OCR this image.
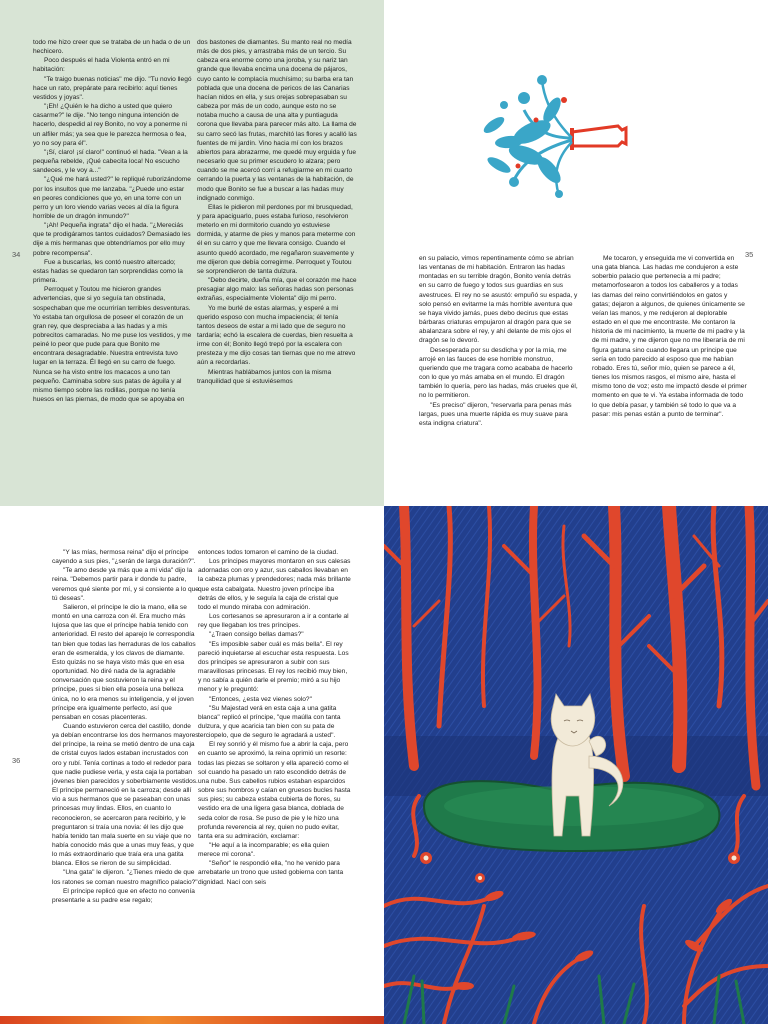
todo me hizo creer que se trataba de un hada o de un hechicero.

Poco después el hada Violenta entró en mi habitación:

"Te traigo buenas noticias" me dijo. "Tu novio llegó hace un rato, prepárate para recibirlo: aquí tienes vestidos y joyas".

"¡Eh! ¿Quién le ha dicho a usted que quiero casarme?" le dije. "No tengo ninguna intención de hacerlo, despedid al rey Bonito, no voy a ponerme ni un alfiler más; ya sea que le parezca hermosa o fea, yo no soy para él".

"¡Sí, claro! ¡sí claro!" continuó el hada. "Vean a la pequeña rebelde, ¡Qué cabecita loca! No escucho sandeces, y le voy a..."

"¿Qué me hará usted?" le repliqué ruborizándome por los insultos que me lanzaba. "¿Puede uno estar en peores condiciones que yo, en una torre con un perro y un loro viendo varias veces al día la figura horrible de un dragón inmundo?"

"¡Ah! Pequeña ingrata" dijo el hada. "¿Mereciás que te prodigáramos tantos cuidados? Demasiado les dije a mis hermanas que obtendríamos por ello muy pobre recompensa".

Fue a buscarlas, les contó nuestro altercado; estas hadas se quedaron tan sorprendidas como la primera.

Perroquet y Toutou me hicieron grandes advertencias, que si yo seguía tan obstinada, sospechaban que me ocurrirían terribles desventuras. Yo estaba tan orgullosa de poseer el corazón de un gran rey, que despreciaba a las hadas y a mis pobrecitos camaradas. No me puse los vestidos, y me peiné lo peor que pude para que Bonito me encontrara desagradable. Nuestra entrevista tuvo lugar en la terraza. Él llegó en su carro de fuego. Nunca se ha visto entre los macacos a uno tan pequeño. Caminaba sobre sus patas de águila y al mismo tiempo sobre las rodillas, porque no tenía huesos en las piernas, de modo que se apoyaba en

dos bastones de diamantes. Su manto real no medía más de dos pies, y arrastraba más de un tercio. Su cabeza era enorme como una joroba, y su nariz tan grande que llevaba encima una docena de pájaros, cuyo canto le complacía muchísimo; su barba era tan poblada que una docena de pericos de las Canarias hacían nidos en ella, y sus orejas sobrepasaban su cabeza por más de un codo, aunque esto no se notaba mucho a causa de una alta y puntiaguda corona que llevaba para parecer más alto. La llama de su carro secó las frutas, marchitó las flores y acalló las fuentes de mi jardín. Vino hacia mí con los brazos abiertos para abrazarme, me quedé muy erguida y fue necesario que su primer escudero lo alzara; pero cuando se me acercó corrí a refugiarme en mi cuarto cerrando la puerta y las ventanas de la habitación, de modo que Bonito se fue a buscar a las hadas muy indignado conmigo.

Ellas le pidieron mil perdones por mi brusquedad, y para apaciguarlo, pues estaba furioso, resolvieron meterlo en mi dormitorio cuando yo estuviese dormida, y atarme de pies y manos para meterme con él en su carro y que me llevara consigo. Cuando el asunto quedó acordado, me regañaron suavemente y me dijeron que debía corregirme. Perroquet y Toutou se sorprendieron de tanta dulzura.

"Debo decirte, dueña mía, que el corazón me hace presagiar algo malo: las señoras hadas son personas extrañas, especialmente Violenta" dijo mi perro.

Yo me burlé de estas alarmas, y esperé a mi querido esposo con mucha impaciencia; él tenía tantos deseos de estar a mi lado que de seguro no tardaría; echó la escalera de cuerdas, bien resuelta a irme con él; Bonito llegó trepó por la escalera con presteza y me dijo cosas tan tiernas que no me atrevo aún a recordarlas.

Mientras hablábamos juntos con la misma tranquilidad que si estuviésemos

34	en su palacio, vimos repentinamente cómo se abrían las ventanas de mi habitación. Entraron las hadas montadas en su terrible dragón, Bonito venía detrás en su carro de fuego y todos sus guardias en sus avestruces. El rey no se asustó: empuñó su espada, y solo pensó en evitarme la más horrible aventura que se haya vivido jamás, pues debo decirus que estas bárbaras criaturas empujaron al dragón para que se abalanzara sobre el rey, y ahí delante de mis ojos el dragón se lo devoró.

Desesperada por su desdicha y por la mía, me arrojé en las fauces de ese horrible monstruo, queriendo que me tragara como acababa de hacerlo con lo que yo más amaba en el mundo. El dragón también lo quería, pero las hadas, más crueles que él, no lo permitieron.

"Es preciso" dijeron, "reservarla para penas más largas, pues una muerte rápida es muy suave para esta indigna criatura".

Me tocaron, y enseguida me vi convertida en una gata blanca. Las hadas me condujeron a este soberbio palacio que pertenecía a mi padre; metamorfosearon a todos los caballeros y a todas las damas del reino convirtiéndolos en gatos y gatas; dejaron a algunos, de quienes únicamente se veían las manos, y me redujeron al deplorable estado en el que me encontraste. Me contaron la historia de mi nacimiento, la muerte de mi padre y la de mi madre, y me dijeron que no me liberaría de mi figura gatuna sino cuando llegara un príncipe que sería en todo parecido al esposo que me habían robado. Eres tú, señor mío, quien se parece a él, tienes los mismos rasgos, el mismo aire, hasta el mismo tono de voz; esto me impactó desde el primer momento en que te vi. Ya estaba informada de todo lo que debía pasar, y también sé todo lo que va a pasar: mis penas están a punto de terminar".

35

"Y las mías, hermosa reina" dijo el príncipe cayendo a sus pies, "¿serán de larga duración?".

"Te amo desde ya más que a mi vida" dijo la reina. "Debemos partir para ir donde tu padre, veremos qué siente por mí, y si consiente a lo que tú deseas".

Salieron, el príncipe le dio la mano, ella se montó en una carroza con él. Era mucho más lujosa que las que el príncipe había tenido con anterioridad. El resto del aparejo le correspondía tan bien que todas las herraduras de los caballos eran de esmeralda, y los clavos de diamante. Esto quizás no se haya visto más que en esa oportunidad. No diré nada de la agradable conversación que sostuvieron la reina y el príncipe, pues si bien ella poseía una belleza única, no lo era menos su inteligencia, y el joven príncipe era igualmente perfecto, así que pensaban en cosas placenteras.

Cuando estuvieron cerca del castillo, donde ya debían encontrarse los dos hermanos mayores del príncipe, la reina se metió dentro de una caja de cristal cuyos lados estaban incrustados con oro y rubí. Tenía cortinas a todo el rededor para que nadie pudiese verla, y esta caja la portaban jóvenes bien parecidos y soberbiamente vestidos. El príncipe permaneció en la carroza; desde allí vio a sus hermanos que se paseaban con unas princesas muy lindas. Ellos, en cuanto lo reconocieron, se acercaron para recibirlo, y le preguntaron si traía una novia: él les dijo que había tenido tan mala suerte en su viaje que no había conocido más que a unas muy feas, y que lo más extraordinario que traía era una gatita blanca. Ellos se rieron de su simplicidad.

"Una gata" le dijeron. "¿Tienes miedo de que los ratones se coman nuestro magnífico palacio?"

El príncipe replicó que en efecto no convenía presentarle a su padre ese regalo;

entonces todos tomaron el camino de la ciudad.

Los príncipes mayores montaron en sus calesas adornadas con oro y azur, sus caballos llevaban en la cabeza plumas y prendedores; nada más brillante que esta cabalgata. Nuestro joven príncipe iba detrás de ellos, y le seguía la caja de cristal que todo el mundo miraba con admiración.

Los cortesanos se apresuraron a ir a contarle al rey que llegaban los tres príncipes.

"¿Traen consigo bellas damas?"

"Es imposible saber cuál es más bella". El rey pareció inquietarse al escuchar esta respuesta. Los dos príncipes se apresuraron a subir con sus maravillosas princesas. El rey los recibió muy bien, y no sabía a quién darle el premio; miró a su hijo menor y le preguntó:

"Entonces, ¿esta vez vienes solo?"

"Su Majestad verá en esta caja a una gatita blanca" replicó el príncipe, "que maúlla con tanta dulzura, y que acaricia tan bien con su pata de terciopelo, que de seguro le agradará a usted".

El rey sonrió y él mismo fue a abrir la caja, pero en cuanto se aproximó, la reina oprimió un resorte: todas las piezas se soltaron y ella apareció como el sol cuando ha pasado un rato escondido detrás de una nube. Sus cabellos rubios estaban esparcidos sobre sus hombros y caían en gruesos bucles hasta sus pies; su cabeza estaba cubierta de flores, su vestido era de una ligera gasa blanca, doblada de seda color de rosa. Se puso de pie y le hizo una profunda reverencia al rey, quien no pudo evitar, tanta era su admiración, exclamar:

"He aquí a la incomparable; es ella quien merece mi corona".

"Señor" le respondió ella, "no he venido para arrebatarle un trono que usted gobierna con tanta dignidad. Nací con seis

36
